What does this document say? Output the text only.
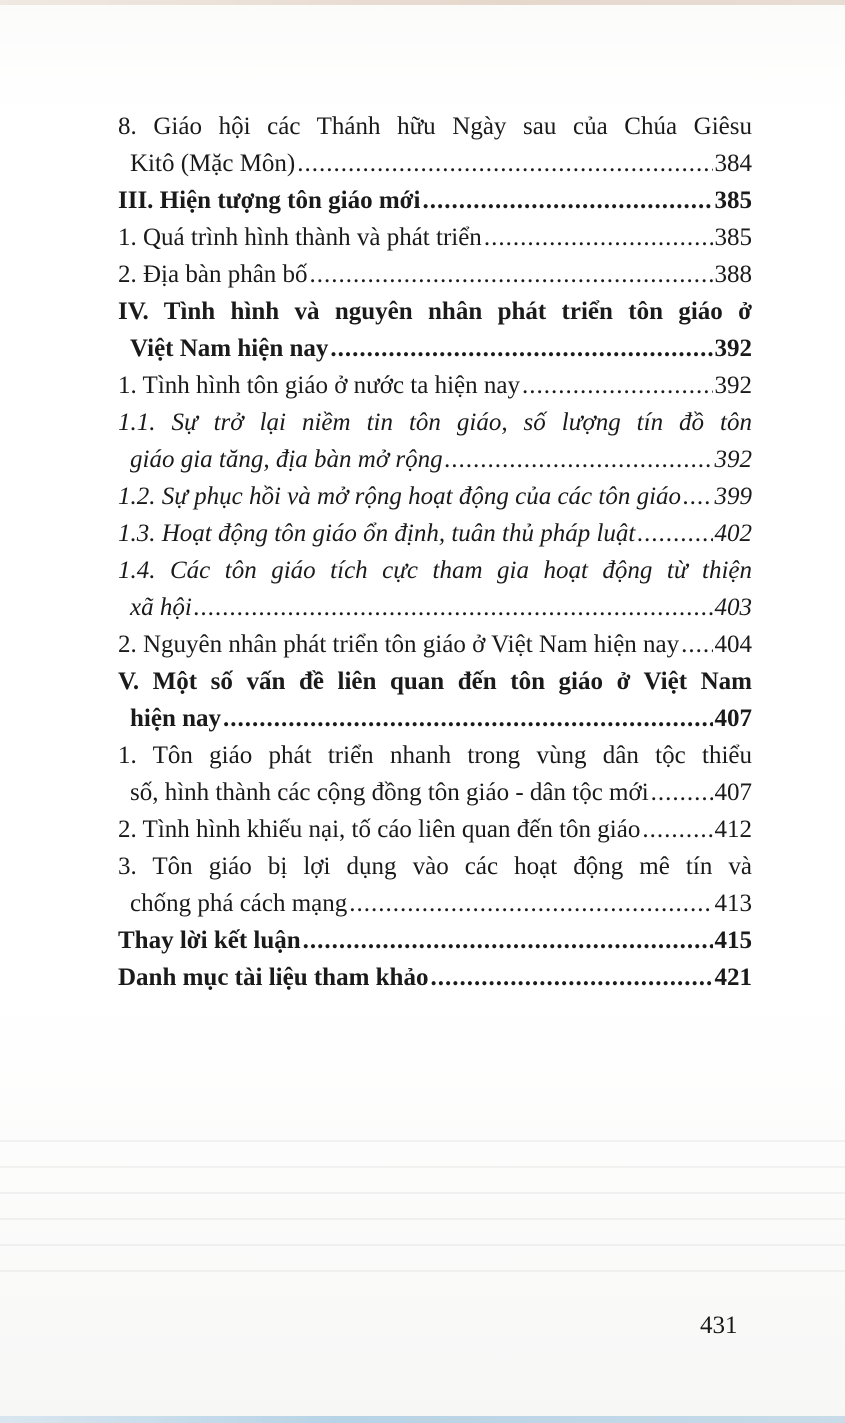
8. Giáo hội các Thánh hữu Ngày sau của Chúa Giêsu
Kitô (Mặc Môn) .....	384
III. Hiện tượng tôn giáo mới .....	385
1. Quá trình hình thành và phát triển .....	385
2. Địa bàn phân bố .....	388
IV. Tình hình và nguyên nhân phát triển tôn giáo ở
Việt Nam hiện nay .....	392
1. Tình hình tôn giáo ở nước ta hiện nay .....	392
1.1. Sự trở lại niềm tin tôn giáo, số lượng tín đồ tôn
giáo gia tăng, địa bàn mở rộng .....	392
1.2. Sự phục hồi và mở rộng hoạt động của các tôn giáo ..... 399
1.3. Hoạt động tôn giáo ổn định, tuân thủ pháp luật .....	402
1.4. Các tôn giáo tích cực tham gia hoạt động từ thiện
xã hội .....	403
2. Nguyên nhân phát triển tôn giáo ở Việt Nam hiện nay ..... 404
V. Một số vấn đề liên quan đến tôn giáo ở Việt Nam
hiện nay .....	407
1. Tôn giáo phát triển nhanh trong vùng dân tộc thiểu
số, hình thành các cộng đồng tôn giáo - dân tộc mới .....	407
2. Tình hình khiếu nại, tố cáo liên quan đến tôn giáo .....	412
3. Tôn giáo bị lợi dụng vào các hoạt động mê tín và
chống phá cách mạng .....	413
Thay lời kết luận .....	415
Danh mục tài liệu tham khảo .....	421
431
